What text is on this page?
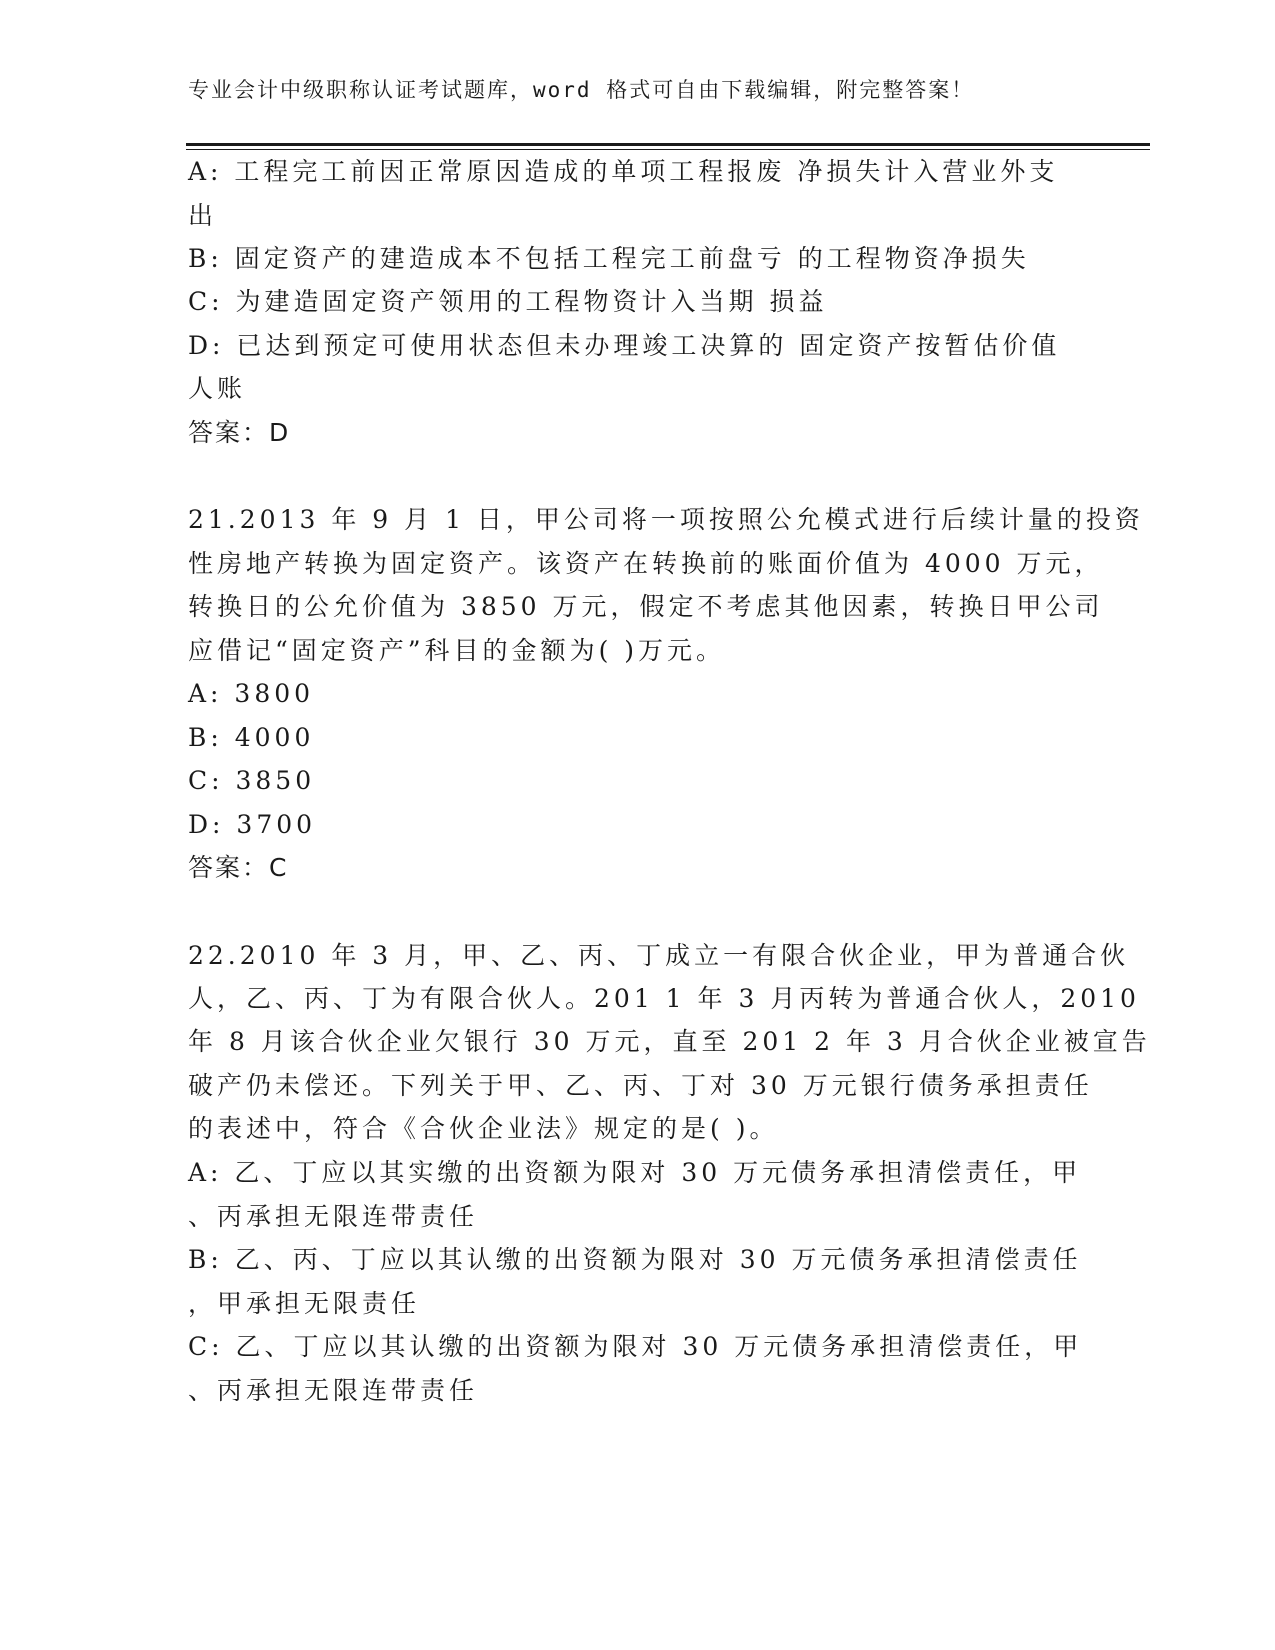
专业会计中级职称认证考试题库，word 格式可自由下载编辑，附完整答案！
A: 工程完工前因正常原因造成的单项工程报废 净损失计入营业外支
出
B: 固定资产的建造成本不包括工程完工前盘亏 的工程物资净损失
C: 为建造固定资产领用的工程物资计入当期 损益
D: 已达到预定可使用状态但未办理竣工决算的 固定资产按暂估价值
人账
答案：D
21.2013 年 9 月 1 日，甲公司将一项按照公允模式进行后续计量的投资
性房地产转换为固定资产。该资产在转换前的账面价值为 4000 万元，
转换日的公允价值为 3850 万元，假定不考虑其他因素，转换日甲公司
应借记“固定资产”科目的金额为( )万元。
A: 3800
B: 4000
C: 3850
D: 3700
答案：C
22.2010 年 3 月，甲、乙、丙、丁成立一有限合伙企业，甲为普通合伙
人，乙、丙、丁为有限合伙人。201 1 年 3 月丙转为普通合伙人，2010
年 8 月该合伙企业欠银行 30 万元，直至 201 2 年 3 月合伙企业被宣告
破产仍未偿还。下列关于甲、乙、丙、丁对 30 万元银行债务承担责任
的表述中，符合《合伙企业法》规定的是( )。
A: 乙、丁应以其实缴的出资额为限对 30 万元债务承担清偿责任，甲
、丙承担无限连带责任
B: 乙、丙、丁应以其认缴的出资额为限对 30 万元债务承担清偿责任
，甲承担无限责任
C: 乙、丁应以其认缴的出资额为限对 30 万元债务承担清偿责任，甲
、丙承担无限连带责任
